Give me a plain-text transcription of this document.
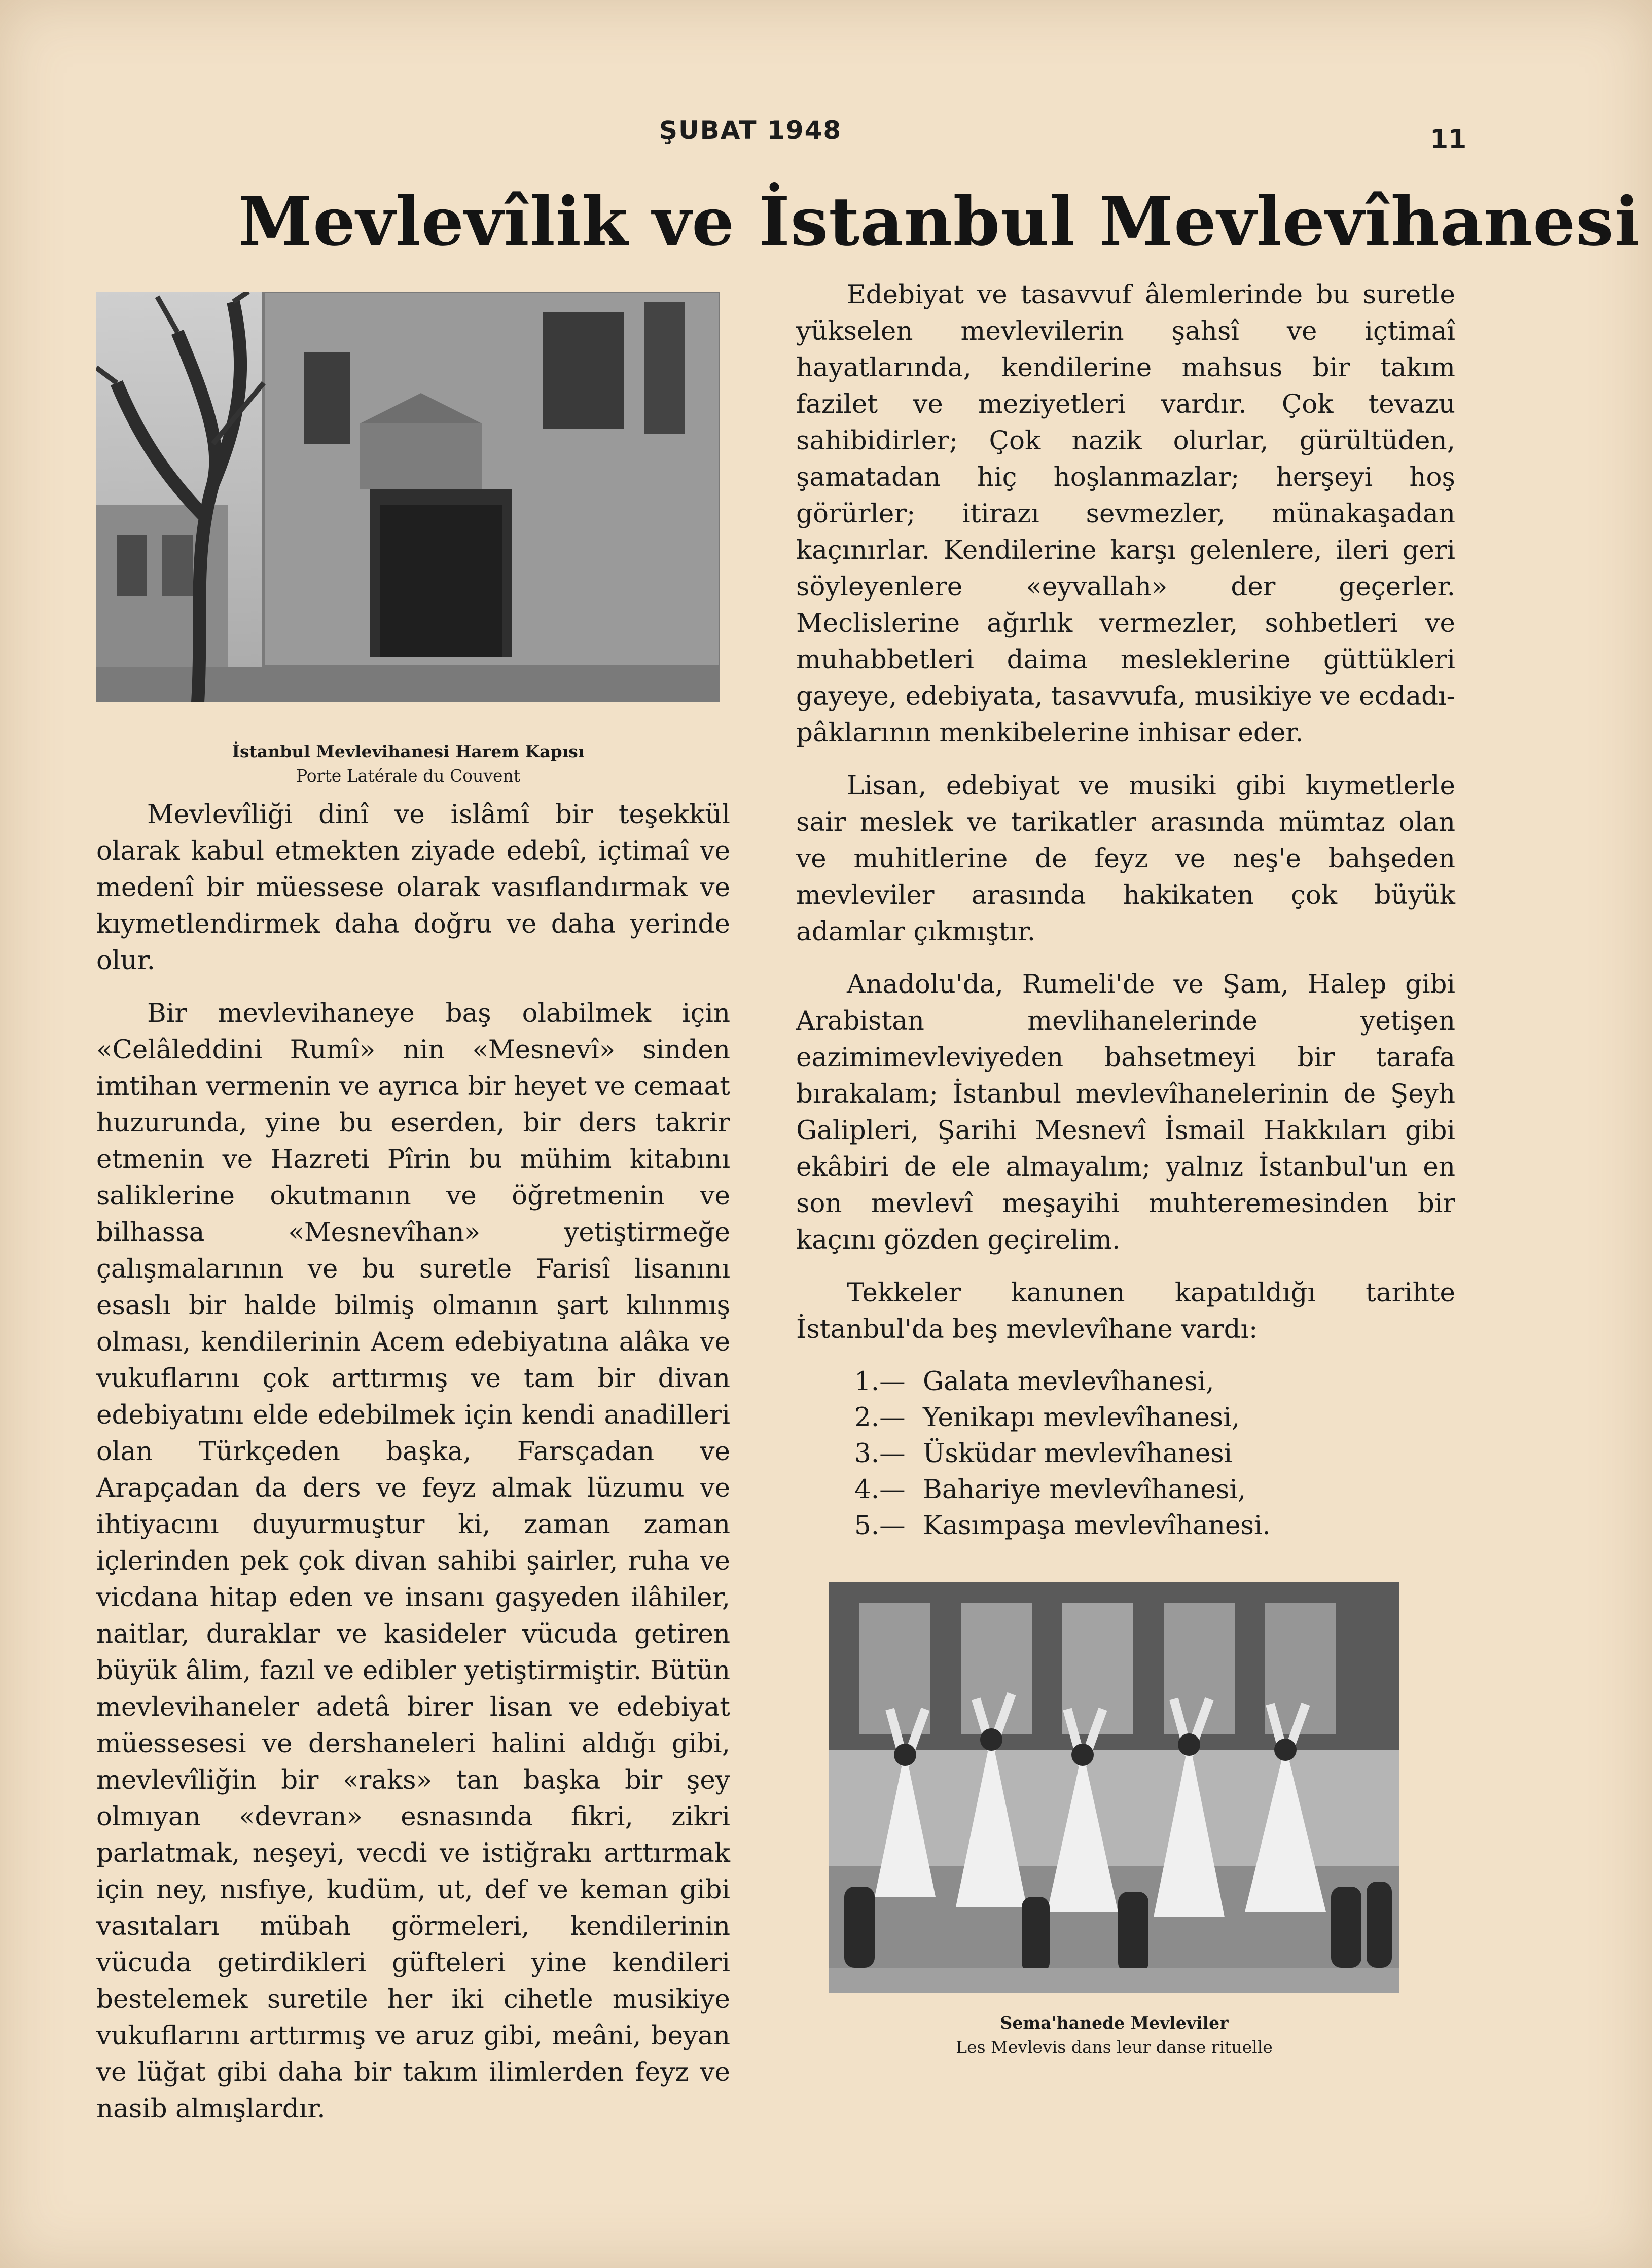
ŞUBAT 1948	11
Mevlevîlik ve İstanbul Mevlevîhanesi
İstanbul Mevlevihanesi Harem Kapısı
Porte Latérale du Couvent

Mevlevîliği dinî ve islâmî bir teşekkül olarak kabul etmekten ziyade edebî, içtimaî ve medenî bir müessese olarak vasıflandırmak ve kıymetlendirmek daha doğru ve daha yerinde olur.

Bir mevlevihaneye baş olabilmek için «Celâleddini Rumî» nin «Mesnevî» sinden imtihan vermenin ve ayrıca bir heyet ve cemaat huzurunda, yine bu eserden, bir ders takrir etmenin ve Hazreti Pîrin bu mühim kitabını saliklerine okutmanın ve öğretmenin ve bilhassa «Mesnevîhan» yetiştirmeğe çalışmalarının ve bu suretle Farisî lisanını esaslı bir halde bilmiş olmanın şart kılınmış olması, kendilerinin Acem edebiyatına alâka ve vukuflarını çok arttırmış ve tam bir divan edebiyatını elde edebilmek için kendi anadilleri olan Türkçeden başka, Farsçadan ve Arapçadan da ders ve feyz almak lüzumu ve ihtiyacını duyurmuştur ki, zaman zaman içlerinden pek çok divan sahibi şairler, ruha ve vicdana hitap eden ve insanı gaşyeden ilâhiler, naitlar, duraklar ve kasideler vücuda getiren büyük âlim, fazıl ve edibler yetiştirmiştir. Bütün mevlevihaneler adetâ birer lisan ve edebiyat müessesesi ve dershaneleri halini aldığı gibi, mevlevîliğin bir «raks» tan başka bir şey olmıyan «devran» esnasında fikri, zikri parlatmak, neşeyi, vecdi ve istiğrakı arttırmak için ney, nısfıye, kudüm, ut, def ve keman gibi vasıtaları mübah görmeleri, kendilerinin vücuda getirdikleri güfteleri yine kendileri bestelemek suretile her iki cihetle musikiye vukuflarını arttırmış ve aruz gibi, meâni, beyan ve lüğat gibi daha bir takım ilimlerden feyz ve nasib almışlardır.

Edebiyat ve tasavvuf âlemlerinde bu suretle yükselen mevlevilerin şahsî ve içtimaî hayatlarında, kendilerine mahsus bir takım fazilet ve meziyetleri vardır. Çok tevazu sahibidirler; Çok nazik olurlar, gürültüden, şamatadan hiç hoşlanmazlar; herşeyi hoş görürler; itirazı sevmezler, münakaşadan kaçınırlar. Kendilerine karşı gelenlere, ileri geri söyleyenlere «eyvallah» der geçerler. Meclislerine ağırlık vermezler, sohbetleri ve muhabbetleri daima mesleklerine güttükleri gayeye, edebiyata, tasavvufa, musikiye ve ecdadı-pâklarının menkibelerine inhisar eder.

Lisan, edebiyat ve musiki gibi kıymetlerle sair meslek ve tarikatler arasında mümtaz olan ve muhitlerine de feyz ve neş'e bahşeden mevleviler arasında hakikaten çok büyük adamlar çıkmıştır.

Anadolu'da, Rumeli'de ve Şam, Halep gibi Arabistan mevlihanelerinde yetişen eazimimevleviyeden bahsetmeyi bir tarafa bırakalam; İstanbul mevlevîhanelerinin de Şeyh Galipleri, Şarihi Mesnevî İsmail Hakkıları gibi ekâbiri de ele almayalım; yalnız İstanbul'un en son mevlevî meşayihi muhteremesinden bir kaçını gözden geçirelim.

Tekkeler kanunen kapatıldığı tarihte İstanbul'da beş mevlevîhane vardı:

1.— Galata mevlevîhanesi,
2.— Yenikapı mevlevîhanesi,
3.— Üsküdar mevlevîhanesi
4.— Bahariye mevlevîhanesi,
5.— Kasımpaşa mevlevîhanesi.
Sema'hanede Mevleviler
Les Mevlevis dans leur danse rituelle
